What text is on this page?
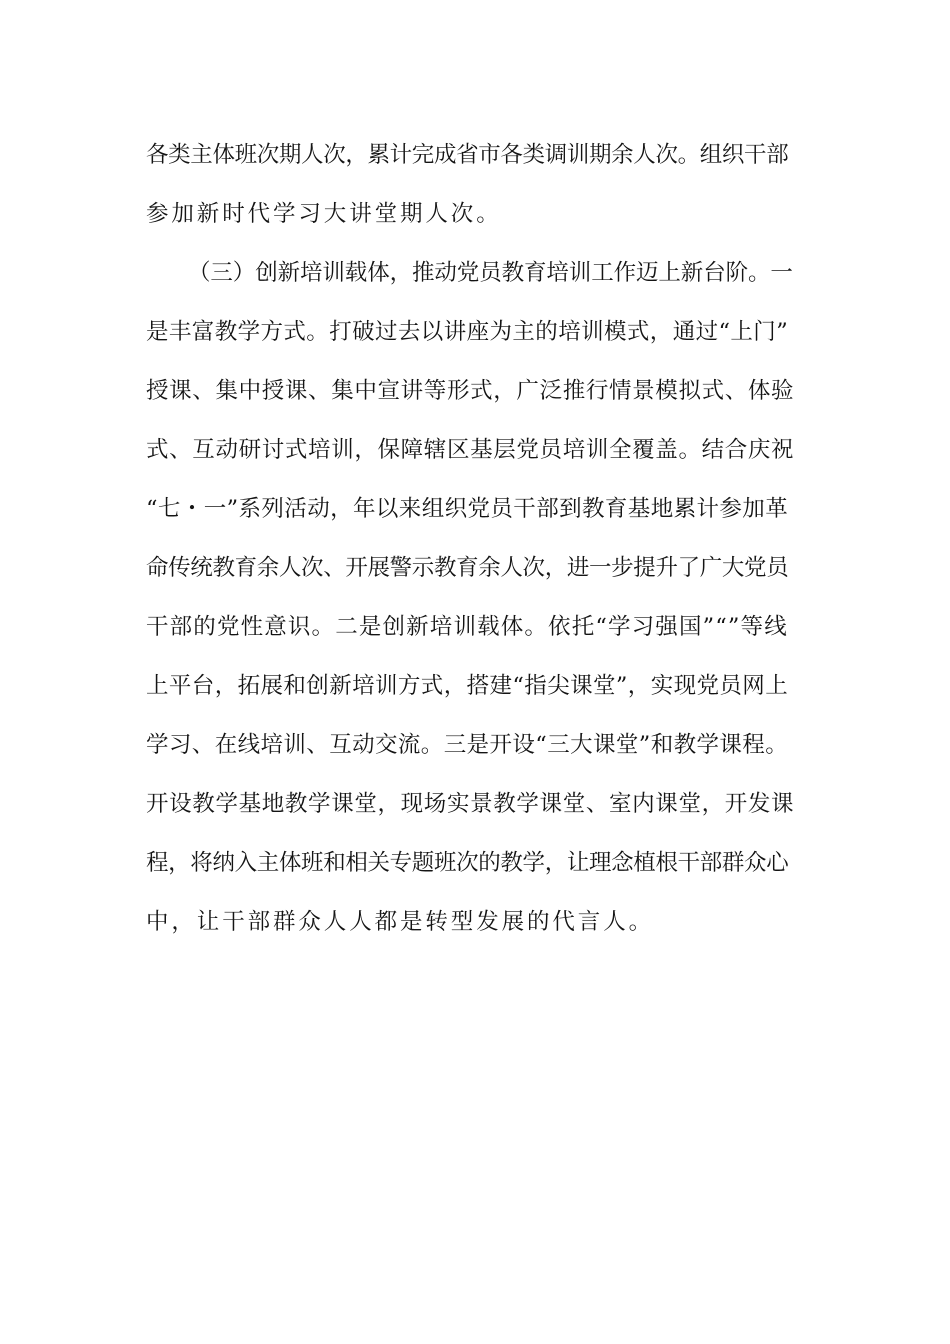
各类主体班次期人次，累计完成省市各类调训期余人次。组织干部
参加新时代学习大讲堂期人次。
（三）创新培训载体，推动党员教育培训工作迈上新台阶。一
是丰富教学方式。打破过去以讲座为主的培训模式，通过“上门”
授课、集中授课、集中宣讲等形式，广泛推行情景模拟式、体验
式、互动研讨式培训，保障辖区基层党员培训全覆盖。结合庆祝
“七・一”系列活动，年以来组织党员干部到教育基地累计参加革
命传统教育余人次、开展警示教育余人次，进一步提升了广大党员
干部的党性意识。二是创新培训载体。依托“学习强国”“”等线
上平台，拓展和创新培训方式，搭建“指尖课堂”，实现党员网上
学习、在线培训、互动交流。三是开设“三大课堂”和教学课程。
开设教学基地教学课堂，现场实景教学课堂、室内课堂，开发课
程，将纳入主体班和相关专题班次的教学，让理念植根干部群众心
中，让干部群众人人都是转型发展的代言人。
